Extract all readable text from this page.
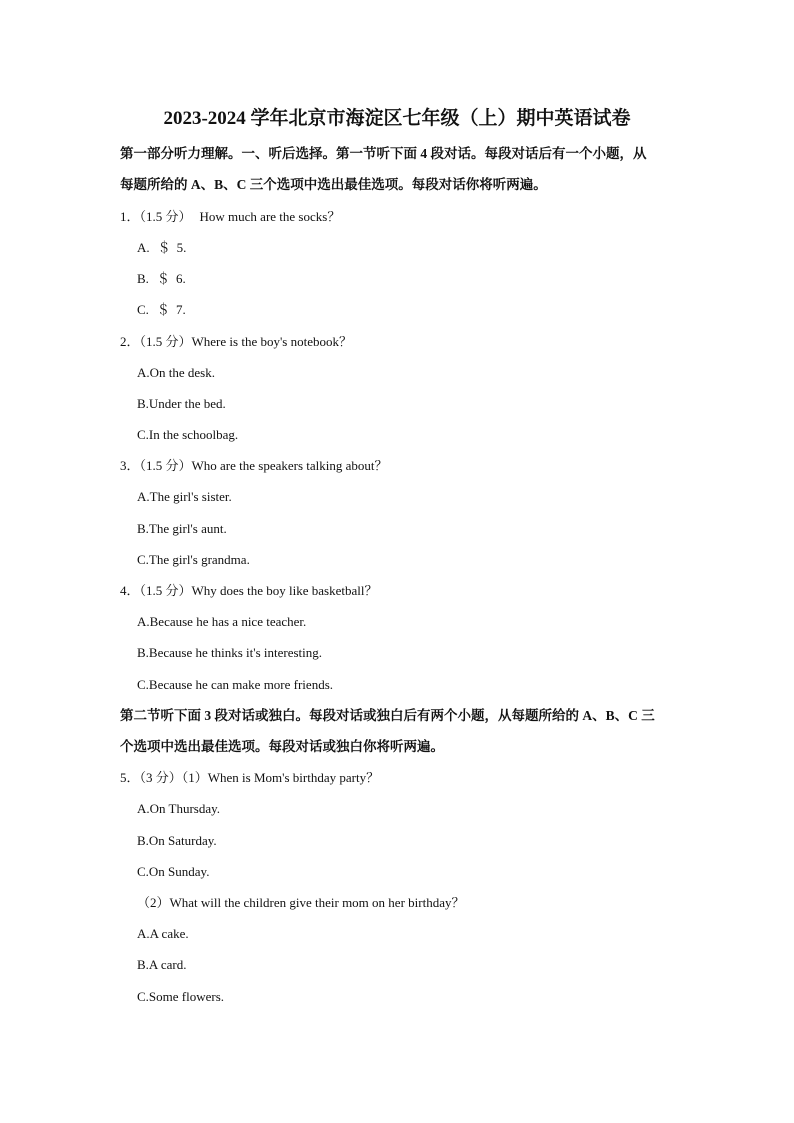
2023-2024 学年北京市海淀区七年级（上）期中英语试卷
第一部分听力理解。一、听后选择。第一节听下面 4 段对话。每段对话后有一个小题，从
每题所给的 A、B、C 三个选项中选出最佳选项。每段对话你将听两遍。
1．（1.5 分） How much are the socks？
A. ＄ 5.
B. ＄ 6.
C. ＄ 7.
2．（1.5 分）Where is the boy's notebook？
A.On the desk.
B.Under the bed.
C.In the schoolbag.
3．（1.5 分）Who are the speakers talking about？
A.The girl's sister.
B.The girl's aunt.
C.The girl's grandma.
4．（1.5 分）Why does the boy like basketball？
A.Because he has a nice teacher.
B.Because he thinks it's interesting.
C.Because he can make more friends.
第二节听下面 3 段对话或独白。每段对话或独白后有两个小题，从每题所给的 A、B、C 三
个选项中选出最佳选项。每段对话或独白你将听两遍。
5．（3 分）（1）When is Mom's birthday party？
A.On Thursday.
B.On Saturday.
C.On Sunday.
（2）What will the children give their mom on her birthday？
A.A cake.
B.A card.
C.Some flowers.
